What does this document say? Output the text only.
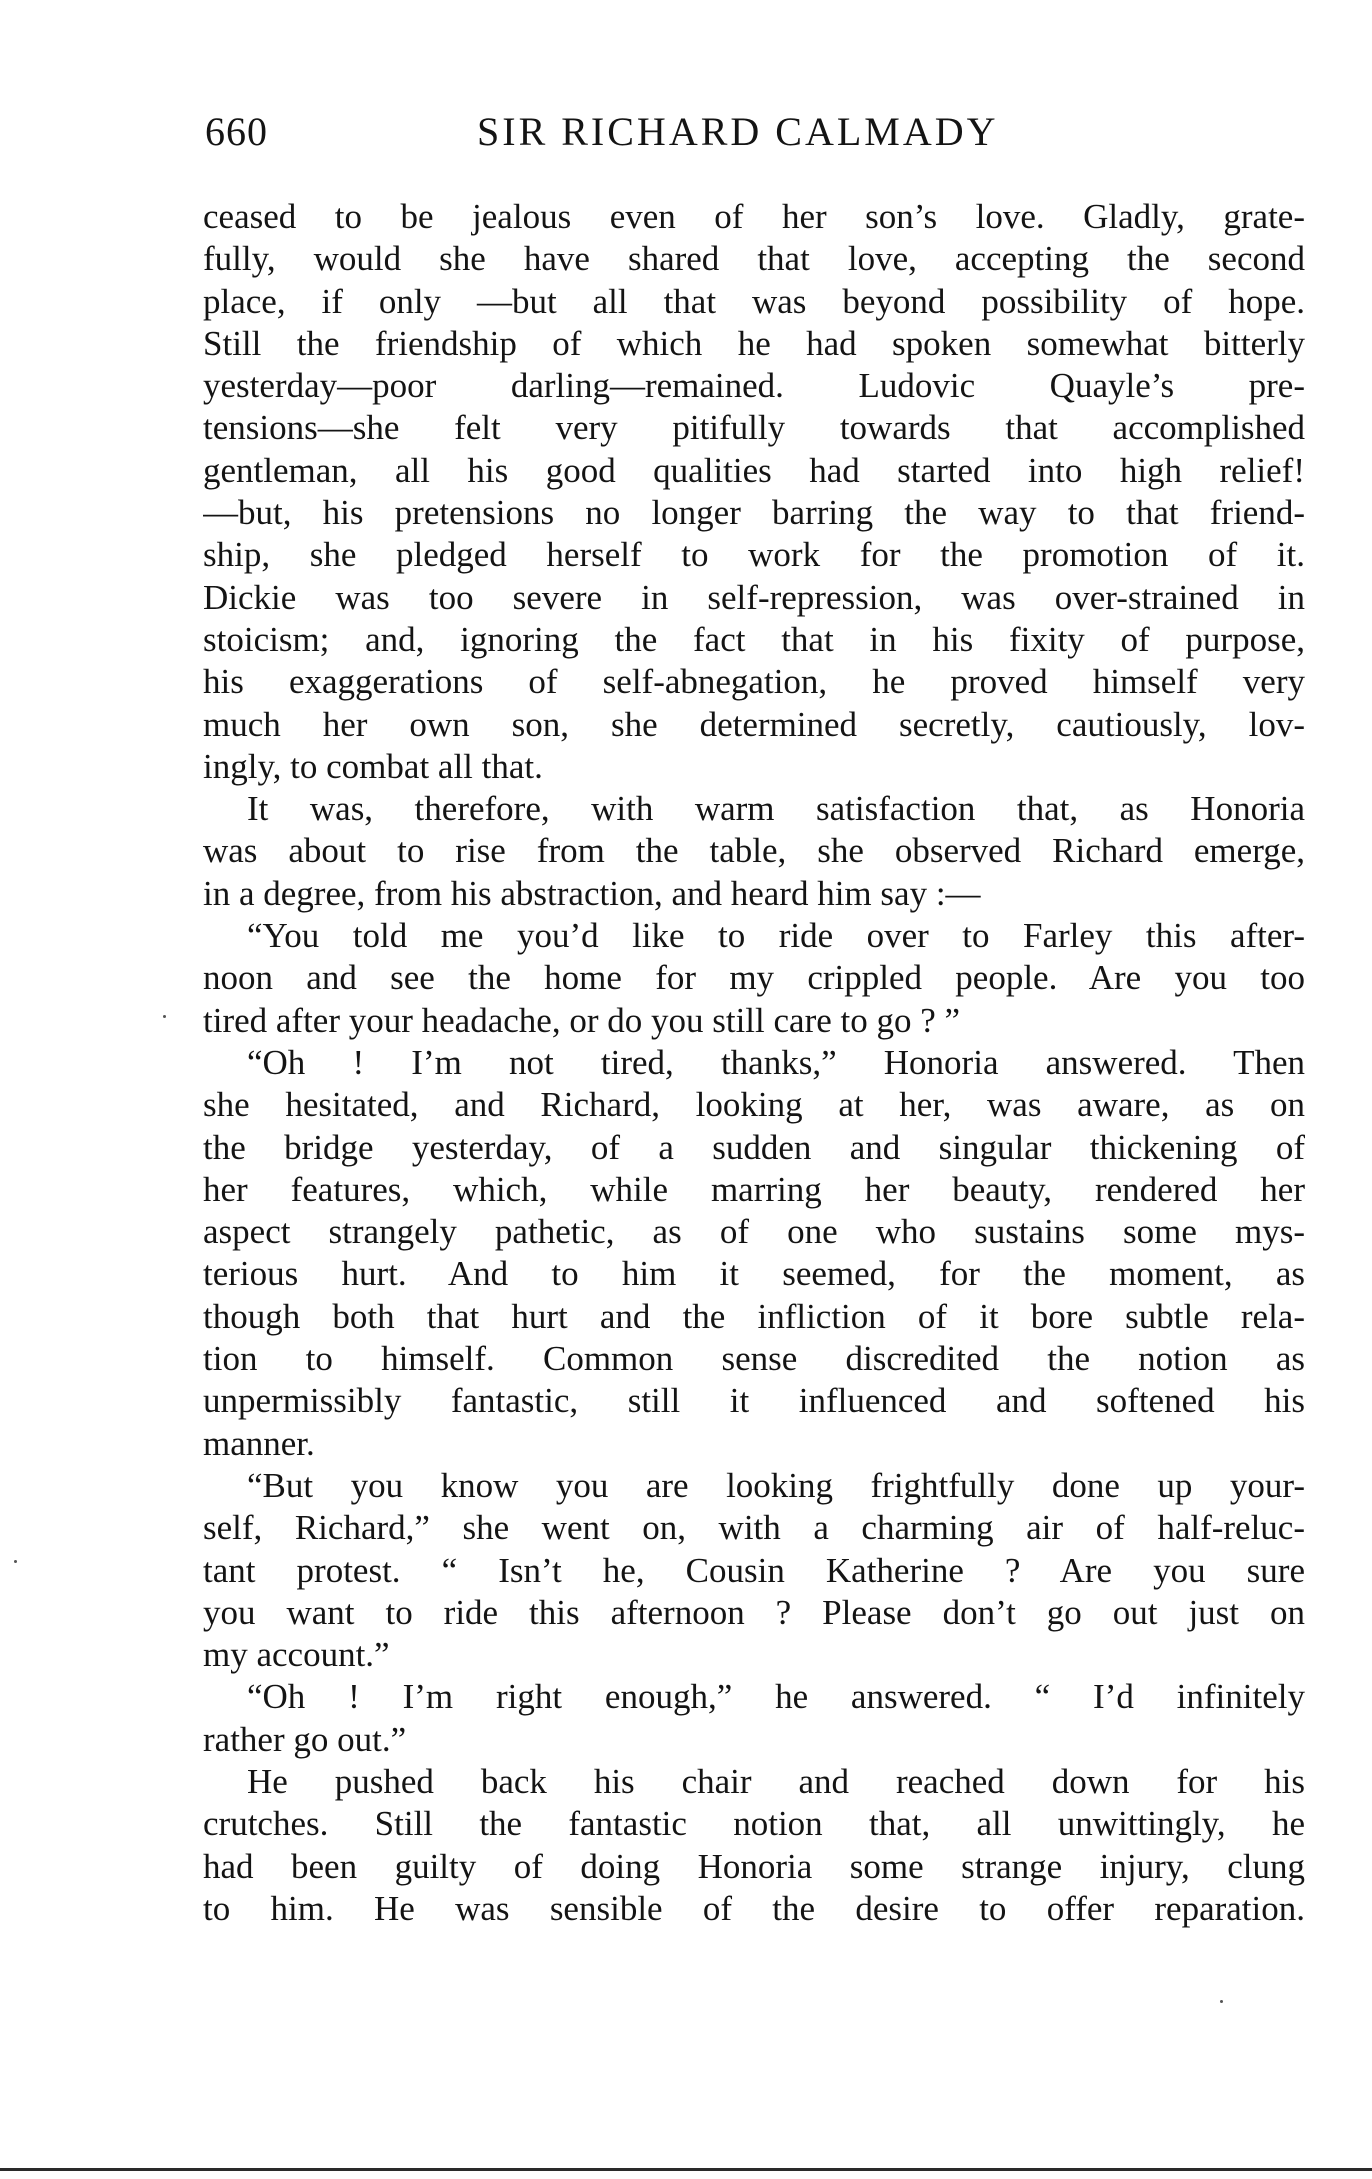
660	SIR RICHARD CALMADY
ceased to be jealous even of her son’s love. Gladly, grate-
fully, would she have shared that love, accepting the second
place, if only —but all that was beyond possibility of hope.
Still the friendship of which he had spoken somewhat bitterly
yesterday—poor darling—remained. Ludovic Quayle’s pre-
tensions—she felt very pitifully towards that accomplished
gentleman, all his good qualities had started into high relief!
—but, his pretensions no longer barring the way to that friend-
ship, she pledged herself to work for the promotion of it.
Dickie was too severe in self-repression, was over-strained in
stoicism; and, ignoring the fact that in his fixity of purpose,
his exaggerations of self-abnegation, he proved himself very
much her own son, she determined secretly, cautiously, lov-
ingly, to combat all that.
It was, therefore, with warm satisfaction that, as Honoria
was about to rise from the table, she observed Richard emerge,
in a degree, from his abstraction, and heard him say :—
“You told me you’d like to ride over to Farley this after-
noon and see the home for my crippled people. Are you too
tired after your headache, or do you still care to go ? ”
“Oh ! I’m not tired, thanks,” Honoria answered. Then
she hesitated, and Richard, looking at her, was aware, as on
the bridge yesterday, of a sudden and singular thickening of
her features, which, while marring her beauty, rendered her
aspect strangely pathetic, as of one who sustains some mys-
terious hurt. And to him it seemed, for the moment, as
though both that hurt and the infliction of it bore subtle rela-
tion to himself. Common sense discredited the notion as
unpermissibly fantastic, still it influenced and softened his
manner.
“But you know you are looking frightfully done up your-
self, Richard,” she went on, with a charming air of half-reluc-
tant protest. “ Isn’t he, Cousin Katherine ? Are you sure
you want to ride this afternoon ? Please don’t go out just on
my account.”
“Oh ! I’m right enough,” he answered. “ I’d infinitely
rather go out.”
He pushed back his chair and reached down for his
crutches. Still the fantastic notion that, all unwittingly, he
had been guilty of doing Honoria some strange injury, clung
to him. He was sensible of the desire to offer reparation.
